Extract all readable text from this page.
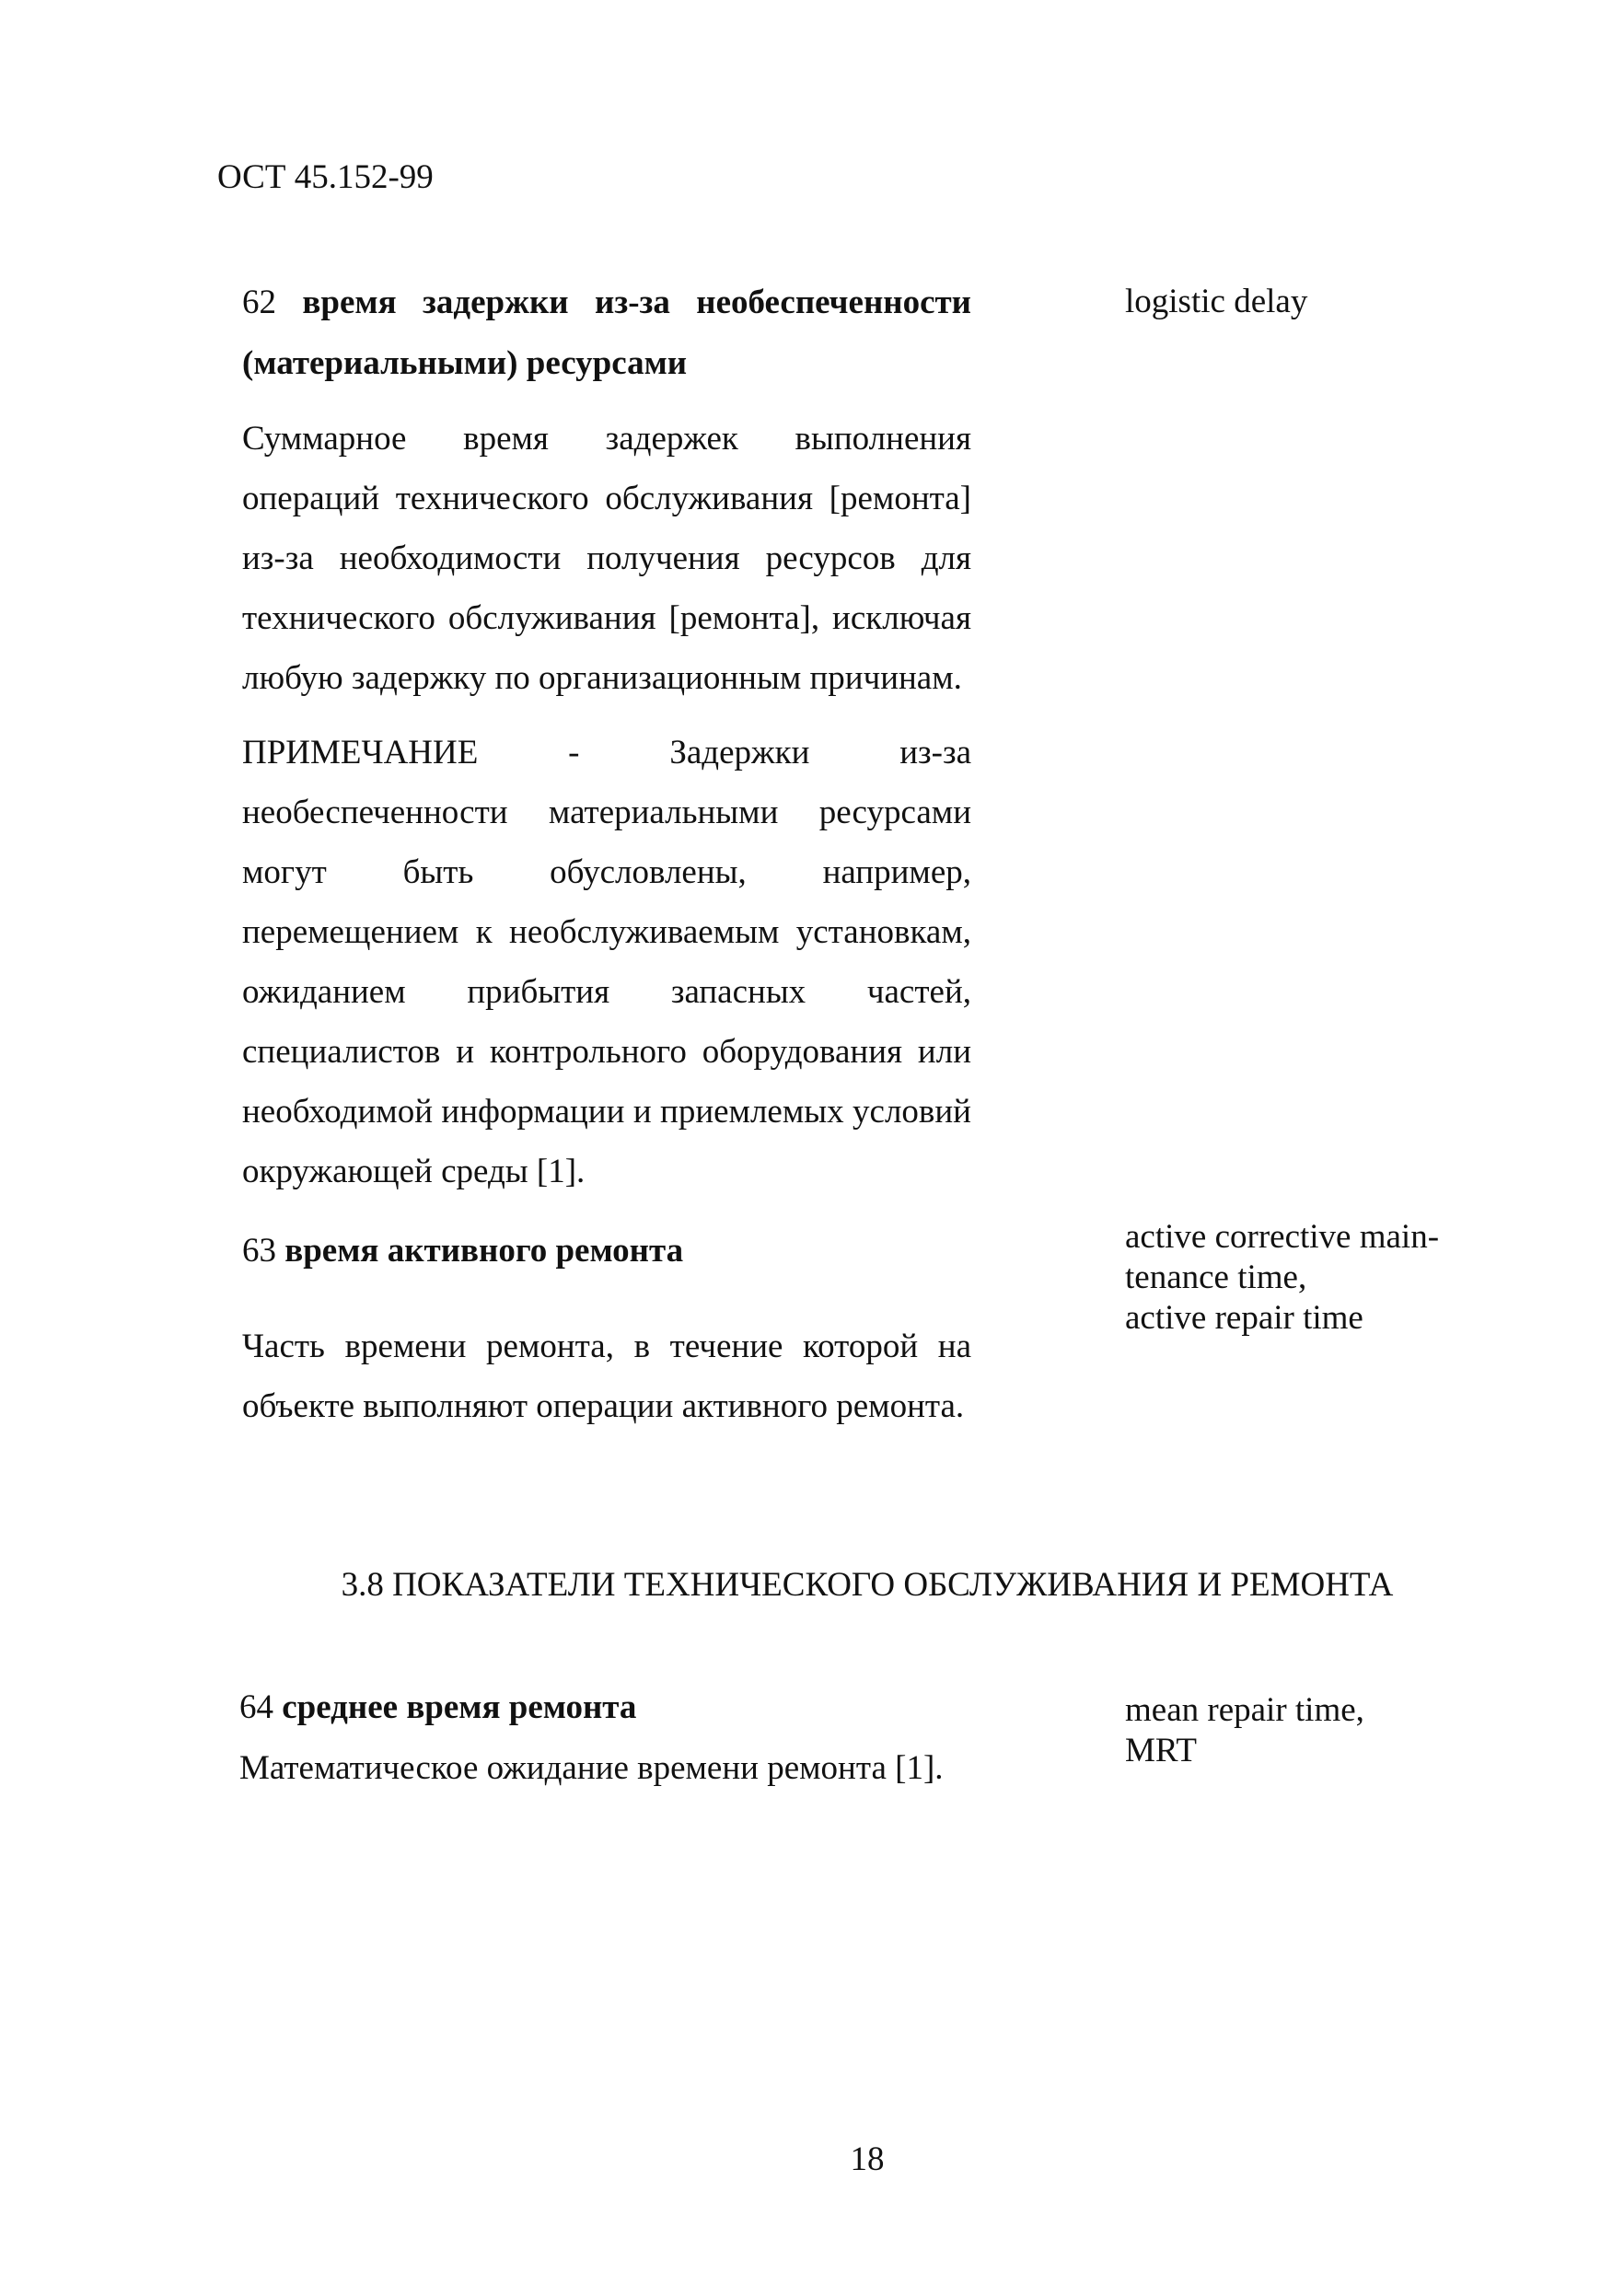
ОСТ 45.152-99
62 время задержки из-за необеспеченности (материальными) ресурсами

Суммарное время задержек выполнения операций технического обслуживания [ремонта] из-за необходимости получения ресурсов для технического обслуживания [ремонта], исключая любую задержку по организационным причинам.

ПРИМЕЧАНИЕ - Задержки из-за необеспеченности материальными ресурсами могут быть обусловлены, например, перемещением к необслуживаемым установкам, ожиданием прибытия запасных частей, специалистов и контрольного оборудования или необходимой информации и приемлемых условий окружающей среды [1].

logistic delay
63 время активного ремонта

Часть времени ремонта, в течение которой на объекте выполняют операции активного ремонта.

active corrective main-
tenance time,
active repair time
3.8 ПОКАЗАТЕЛИ ТЕХНИЧЕСКОГО ОБСЛУЖИВАНИЯ И РЕМОНТА
64 среднее время ремонта

Математическое ожидание времени ремонта [1].

mean repair time,
MRT
18
